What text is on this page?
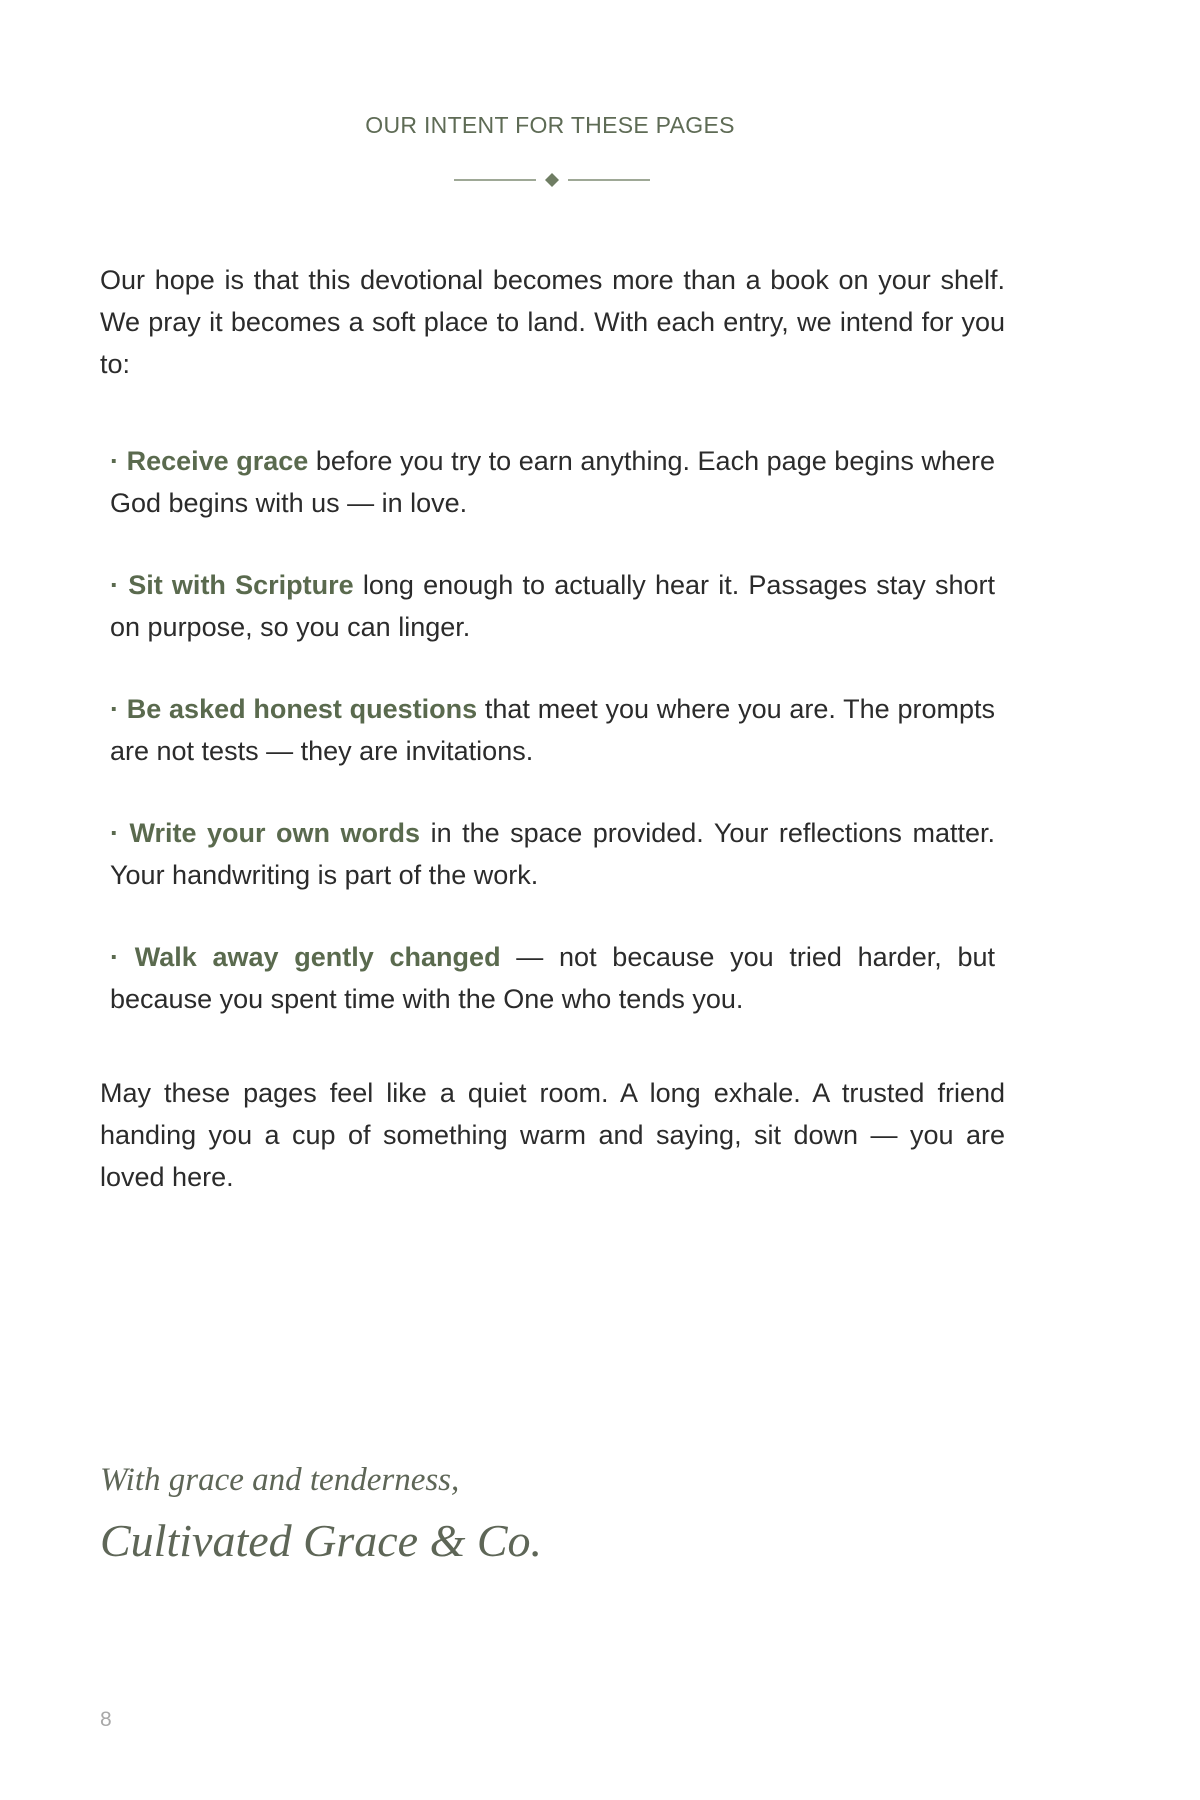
OUR INTENT FOR THESE PAGES

Our hope is that this devotional becomes more than a book on your shelf. We pray it becomes a soft place to land. With each entry, we intend for you to:

· Receive grace before you try to earn anything. Each page begins where God begins with us — in love.
· Sit with Scripture long enough to actually hear it. Passages stay short on purpose, so you can linger.
· Be asked honest questions that meet you where you are. The prompts are not tests — they are invitations.
· Write your own words in the space provided. Your reflections matter. Your handwriting is part of the work.
· Walk away gently changed — not because you tried harder, but because you spent time with the One who tends you.

May these pages feel like a quiet room. A long exhale. A trusted friend handing you a cup of something warm and saying, sit down — you are loved here.

With grace and tenderness,

Cultivated Grace & Co.

8
